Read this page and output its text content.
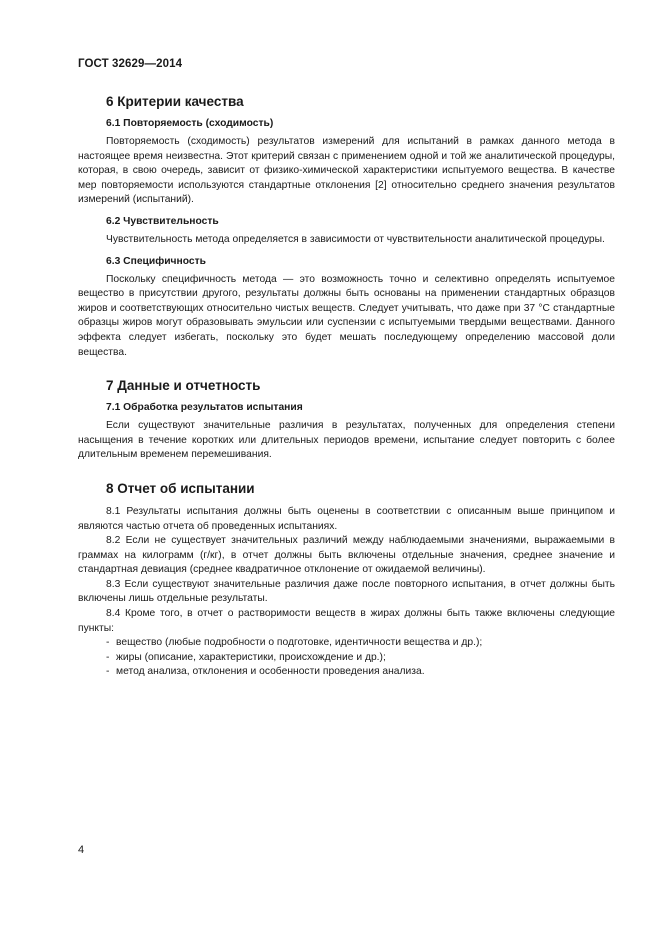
ГОСТ 32629—2014
6 Критерии качества
6.1 Повторяемость (сходимость)

Повторяемость (сходимость) результатов измерений для испытаний в рамках данного метода в настоящее время неизвестна. Этот критерий связан с применением одной и той же аналитической процедуры, которая, в свою очередь, зависит от физико-химической характеристики испытуемого вещества. В качестве мер повторяемости используются стандартные отклонения [2] относительно среднего значения результатов измерений (испытаний).

6.2 Чувствительность

Чувствительность метода определяется в зависимости от чувствительности аналитической процедуры.

6.3 Специфичность

Поскольку специфичность метода — это возможность точно и селективно определять испытуемое вещество в присутствии другого, результаты должны быть основаны на применении стандартных образцов жиров и соответствующих относительно чистых веществ. Следует учитывать, что даже при 37 °C стандартные образцы жиров могут образовывать эмульсии или суспензии с испытуемыми твердыми веществами. Данного эффекта следует избегать, поскольку это будет мешать последующему определению массовой доли вещества.

7 Данные и отчетность
7.1 Обработка результатов испытания

Если существуют значительные различия в результатах, полученных для определения степени насыщения в течение коротких или длительных периодов времени, испытание следует повторить с более длительным временем перемешивания.

8 Отчет об испытании

8.1 Результаты испытания должны быть оценены в соответствии с описанным выше принципом и являются частью отчета об проведенных испытаниях.

8.2 Если не существует значительных различий между наблюдаемыми значениями, выражаемыми в граммах на килограмм (г/кг), в отчет должны быть включены отдельные значения, среднее значение и стандартная девиация (среднее квадратичное отклонение от ожидаемой величины).

8.3 Если существуют значительные различия даже после повторного испытания, в отчет должны быть включены лишь отдельные результаты.

8.4 Кроме того, в отчет о растворимости веществ в жирах должны быть также включены следующие пункты:

- вещество (любые подробности о подготовке, идентичности вещества и др.);
- жиры (описание, характеристики, происхождение и др.);
- метод анализа, отклонения и особенности проведения анализа.
4
